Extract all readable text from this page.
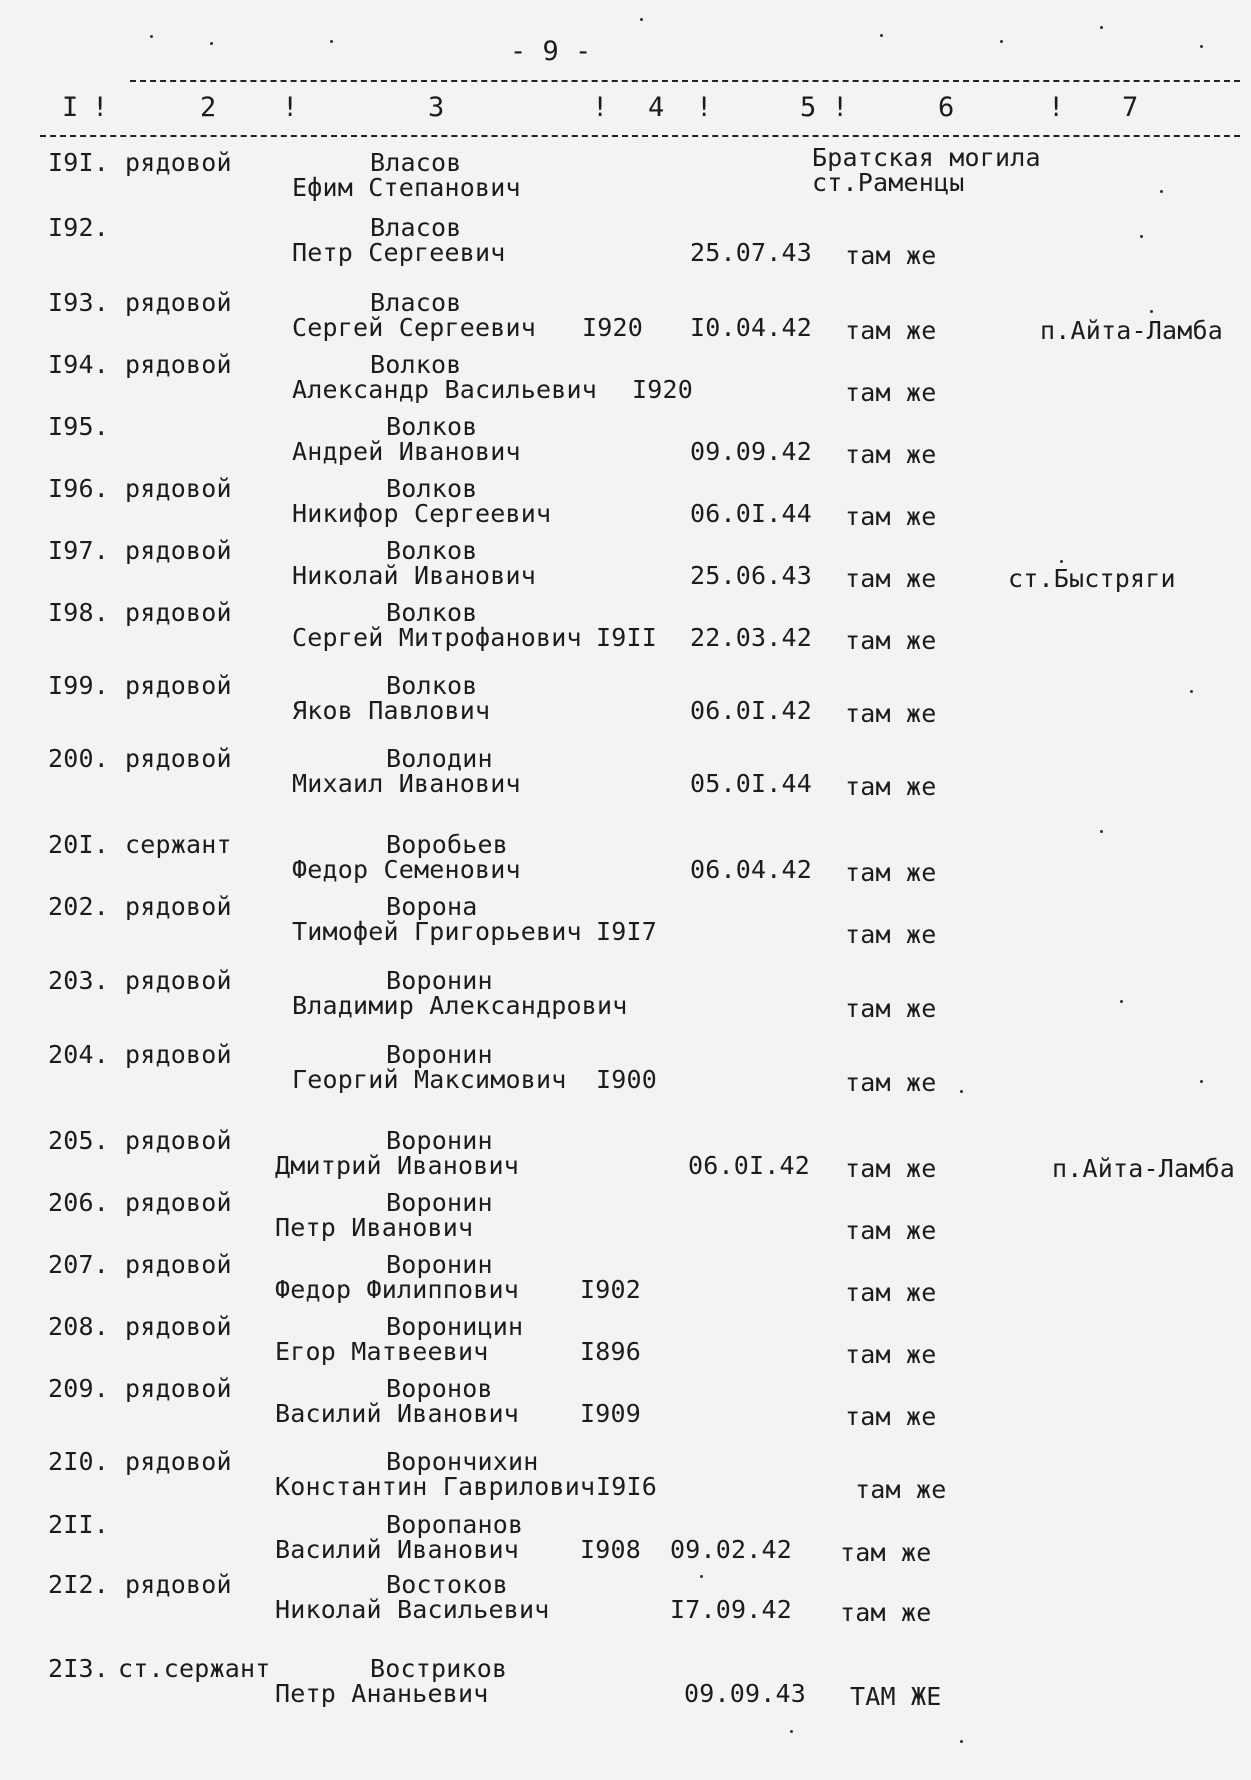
- 9 -
I !	2 !	3	! 4 !	5 !	6	! 7
Братская могила
ст.Раменцы
I9I. рядовой	Власов
Ефим Степанович
I92.	Власов
Петр Сергеевич	25.07.43 там же
I93. рядовой	Власов
Сергей Сергеевич I920 I0.04.42 там же	п.Айта-Ламба
I94. рядовой	Волков
Александр Васильевич I920	там же
I95.	Волков
Андрей Иванович	09.09.42 там же
I96. рядовой	Волков
Никифор Сергеевич	06.0I.44 там же
I97. рядовой	Волков
Николай Иванович	25.06.43 там же	ст.Быстряги
I98. рядовой	Волков
Сергей Митрофанович I9II 22.03.42 там же
I99. рядовой	Волков
Яков Павлович	06.0I.42 там же
200. рядовой	Володин
Михаил Иванович	05.0I.44 там же
20I. сержант	Воробьев
Федор Семенович	06.04.42 там же
202. рядовой	Ворона
Тимофей Григорьевич I9I7	там же
203. рядовой	Воронин
Владимир Александрович	там же
204. рядовой	Воронин
Георгий Максимович I900	там же
205. рядовой	Воронин
Дмитрий Иванович	06.0I.42 там же	п.Айта-Ламба
206. рядовой	Воронин
Петр Иванович	там же
207. рядовой	Воронин
Федор Филиппович I902	там же
208. рядовой	Вороницин
Егор Матвеевич	I896	там же
209. рядовой	Воронов
Василий Иванович I909	там же
2I0. рядовой	Ворончихин
Константин Гаврилович I9I6	там же
2II.	Воропанов
Василий Иванович I908 09.02.42 там же
2I2. рядовой	Востоков
Николай Васильевич	I7.09.42 там же
2I3. ст.сержант	Востриков
Петр Ананьевич	09.09.43 ТАМ ЖЕ
